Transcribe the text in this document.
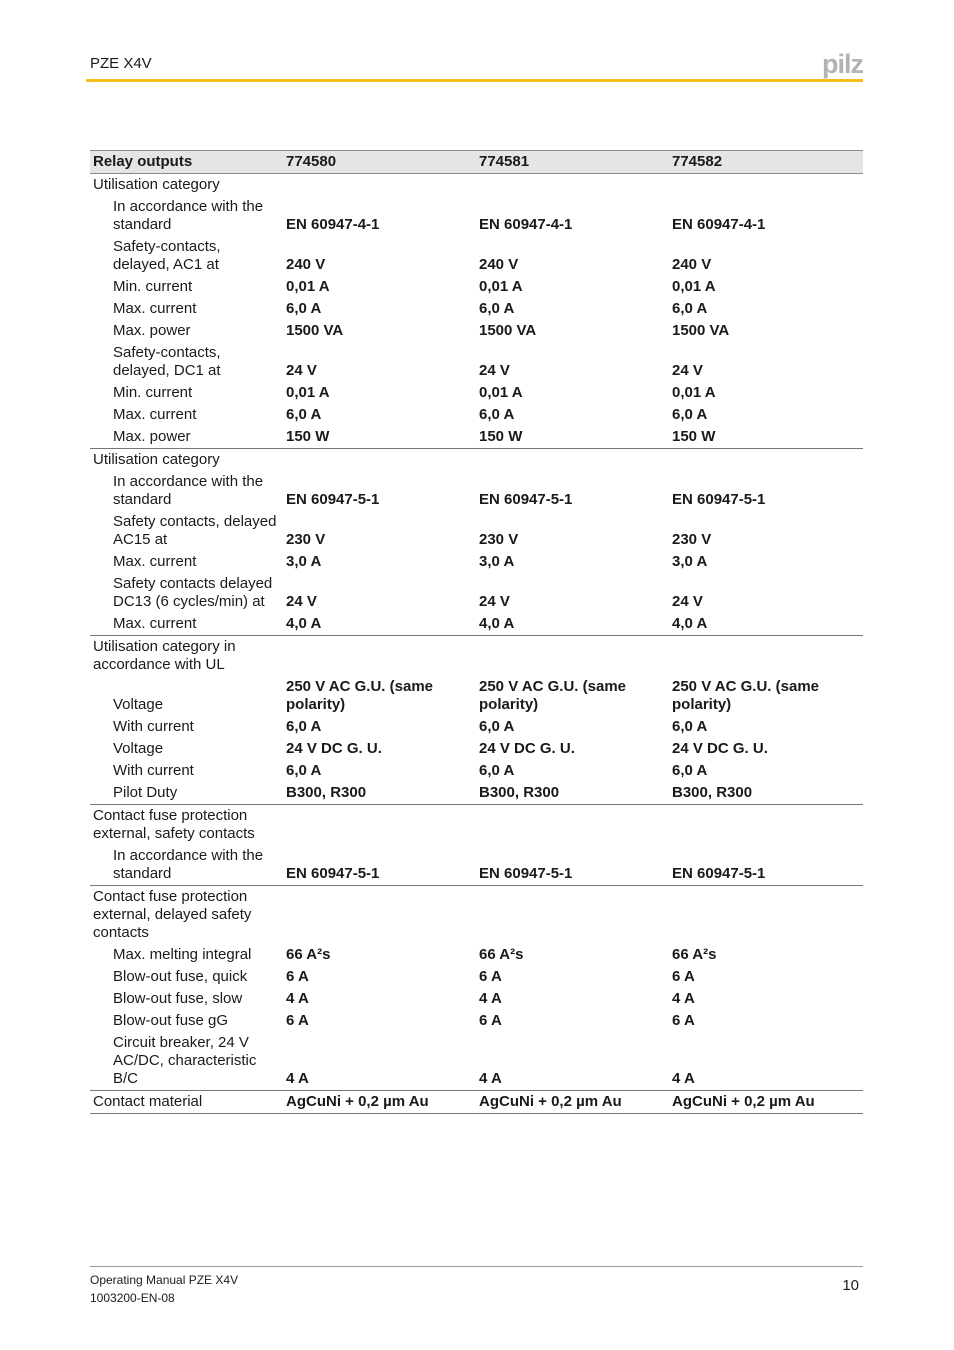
PZE X4V	pilz
Relay outputs	774580	774581	774582
Utilisation category			
In accordance with the standard	EN 60947-4-1	EN 60947-4-1	EN 60947-4-1
Safety-contacts, delayed, AC1 at	240 V	240 V	240 V
Min. current	0,01 A	0,01 A	0,01 A
Max. current	6,0 A	6,0 A	6,0 A
Max. power	1500 VA	1500 VA	1500 VA
Safety-contacts, delayed, DC1 at	24 V	24 V	24 V
Min. current	0,01 A	0,01 A	0,01 A
Max. current	6,0 A	6,0 A	6,0 A
Max. power	150 W	150 W	150 W
Utilisation category			
In accordance with the standard	EN 60947-5-1	EN 60947-5-1	EN 60947-5-1
Safety contacts, delayed AC15 at	230 V	230 V	230 V
Max. current	3,0 A	3,0 A	3,0 A
Safety contacts delayed DC13 (6 cycles/min) at	24 V	24 V	24 V
Max. current	4,0 A	4,0 A	4,0 A
Utilisation category in accordance with UL			
Voltage	250 V AC G.U. (same polarity)	250 V AC G.U. (same polarity)	250 V AC G.U. (same polarity)
With current	6,0 A	6,0 A	6,0 A
Voltage	24 V DC G. U.	24 V DC G. U.	24 V DC G. U.
With current	6,0 A	6,0 A	6,0 A
Pilot Duty	B300, R300	B300, R300	B300, R300
Contact fuse protection external, safety contacts			
In accordance with the standard	EN 60947-5-1	EN 60947-5-1	EN 60947-5-1
Contact fuse protection external, delayed safety contacts			
Max. melting integral	66 A²s	66 A²s	66 A²s
Blow-out fuse, quick	6 A	6 A	6 A
Blow-out fuse, slow	4 A	4 A	4 A
Blow-out fuse gG	6 A	6 A	6 A
Circuit breaker, 24 V AC/DC, characteristic B/C	4 A	4 A	4 A
Contact material	AgCuNi + 0,2 µm Au	AgCuNi + 0,2 µm Au	AgCuNi + 0,2 µm Au
Operating Manual PZE X4V
1003200-EN-08
10
